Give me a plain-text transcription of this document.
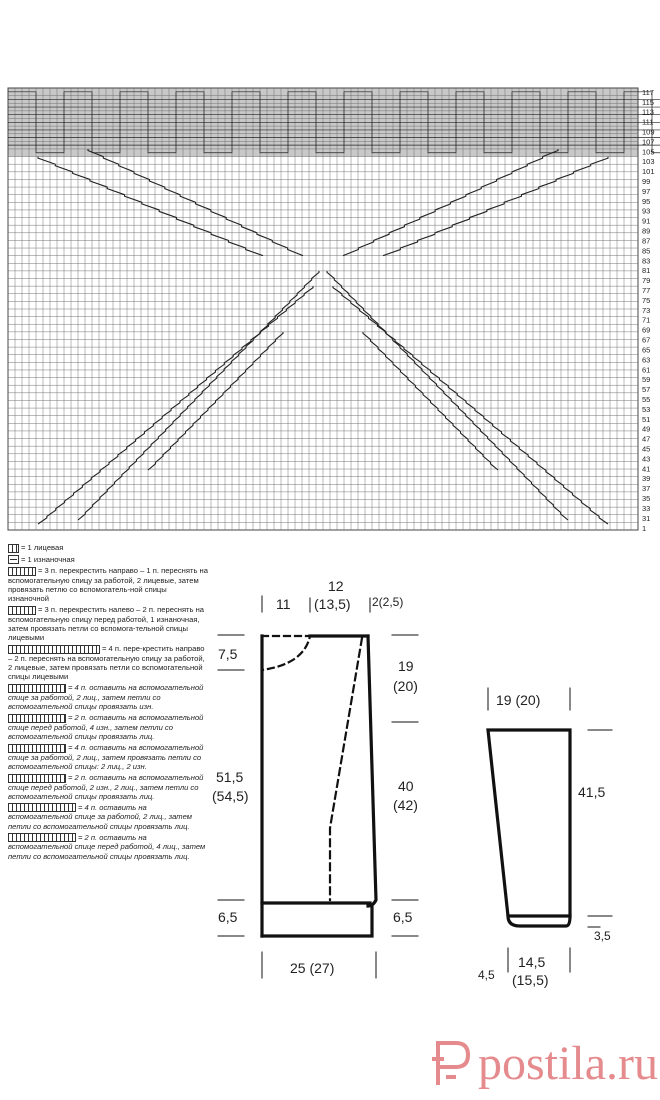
117
115
113
111
109
107
105
103
101
99
97
95
93
91
89
87
85
83
81
79
77
75
73
71
69
67
65
63
61
59
57
55
53
51
49
47
45
43
41
39
37
35
33
31
1
= 1 лицевая
= 1 изнаночная
= 3 п. перекрестить направо – 1 п. переснять на вспомогательную спицу за работой, 2 лицевые, затем провязать петлю со вспомогатель-ной спицы изнаночной
= 3 п. перекрестить налево – 2 п. переснять на вспомогательную спицу перед работой, 1 изнаночная, затем провязать петли со вспомога-тельной спицы лицевыми
= 4 п. пере-крестить направо – 2 п. переснять на вспомогательную спицу за работой, 2 лицевые, затем провязать петли со вспомогательной спицы лицевыми
= 4 п. оставить на вспомогательной спице за работой, 2 лиц., затем петли со вспомогательной спицы провязать изн.
= 2 п. оставить на вспомогательной спице перед работой, 4 изн., затем петли со вспомогательной спицы провязать лиц.
= 4 п. оставить на вспомогательной спице за работой, 2 лиц., затем провязать петли со вспомогательной спицы: 2 лиц., 2 изн.
= 2 п. оставить на вспомогательной спице перед работой, 2 изн., 2 лиц., затем петли со вспомогательной спицы провязать лиц.
= 4 п. оставить на вспомогательной спице за работой, 2 лиц., затем петли со вспомогательной спицы провязать лиц.
= 2 п. оставить на вспомогательной спице перед работой, 4 лиц., затем петли со вспомогательной спицы провязать лиц.
11
12
(13,5) 2(2,5)
7,5
51,5
(54,5)
19
(20)
40
(42)
6,5	6,5
25 (27)
19 (20)
41,5
3,5
4,5
14,5
(15,5)
postila.ru
